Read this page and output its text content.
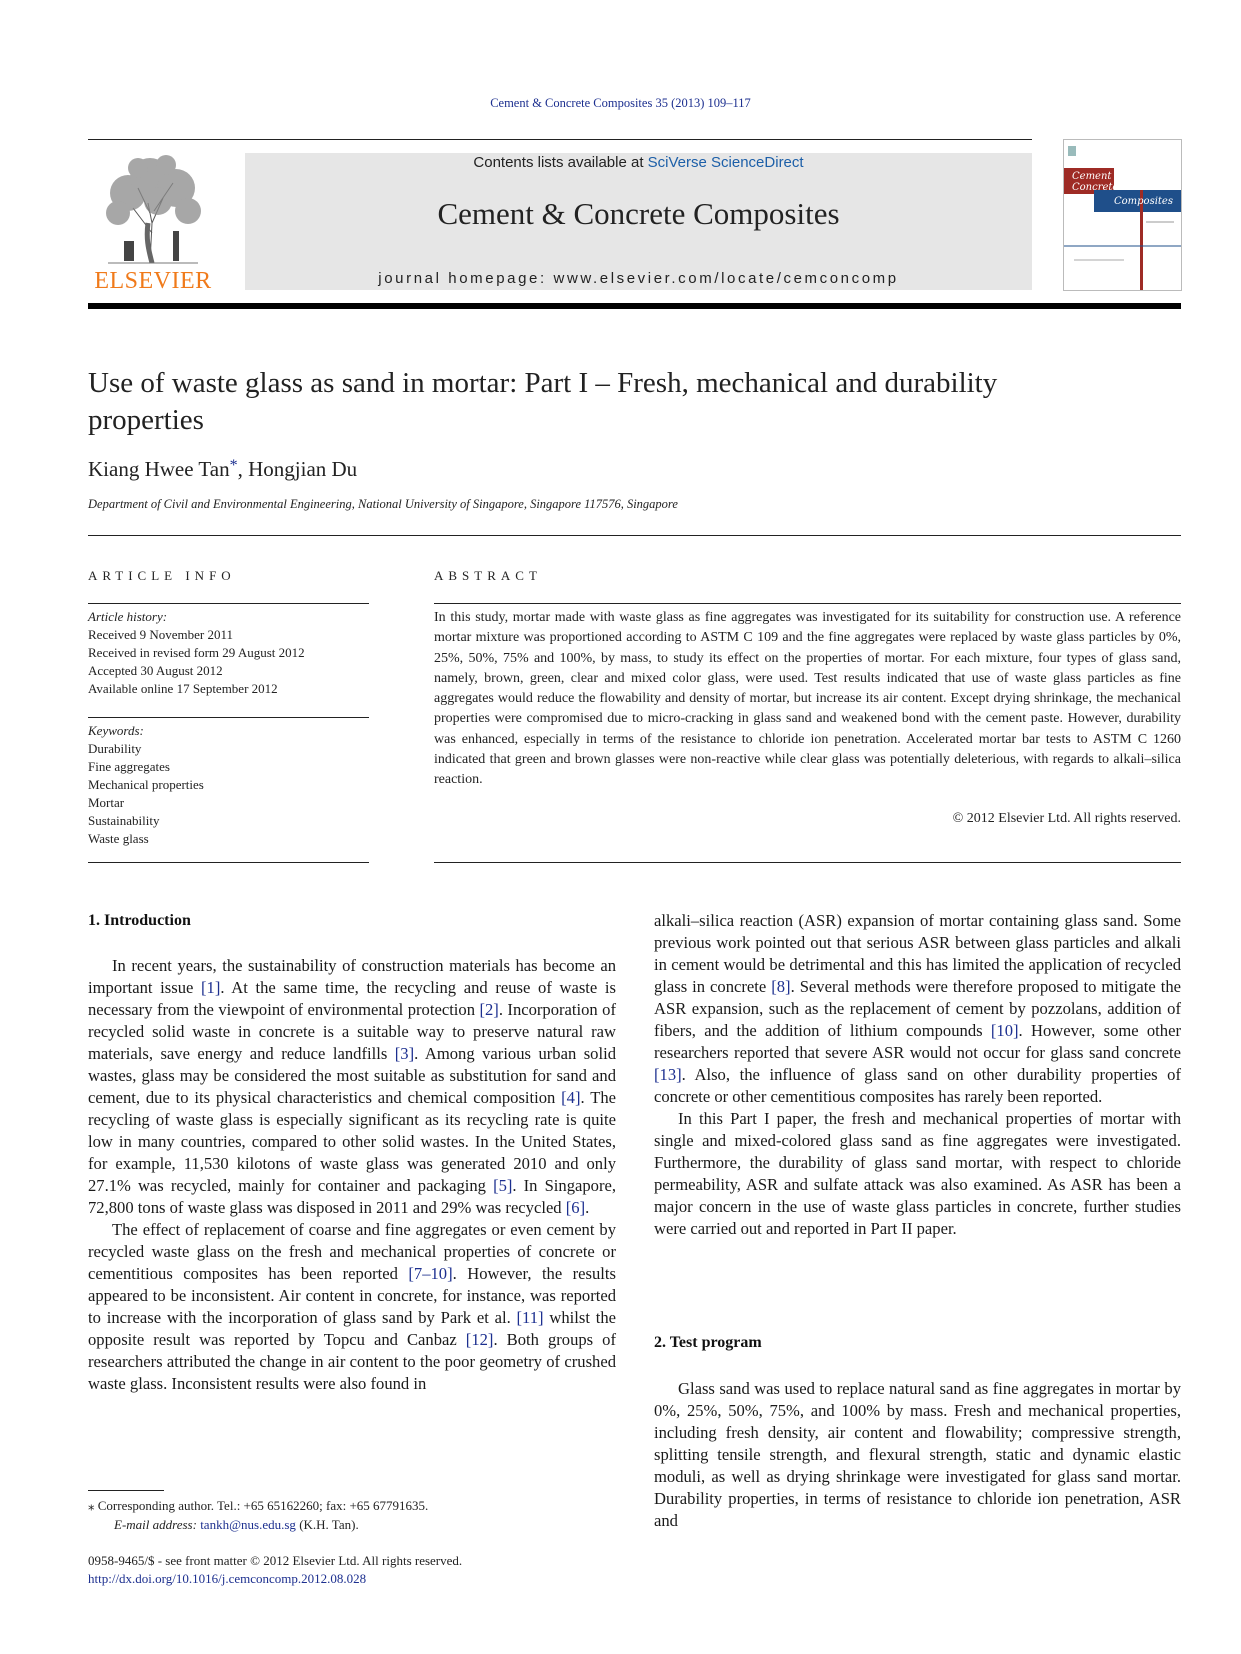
Cement & Concrete Composites 35 (2013) 109–117
ELSEVIER
Contents lists available at SciVerse ScienceDirect
Cement & Concrete Composites
journal homepage: www.elsevier.com/locate/cemconcomp
Cement &
Concrete
Composites
Use of waste glass as sand in mortar: Part I – Fresh, mechanical and durability properties
Kiang Hwee Tan*, Hongjian Du
Department of Civil and Environmental Engineering, National University of Singapore, Singapore 117576, Singapore
ARTICLE INFO
Article history:
Received 9 November 2011
Received in revised form 29 August 2012
Accepted 30 August 2012
Available online 17 September 2012
Keywords:
Durability
Fine aggregates
Mechanical properties
Mortar
Sustainability
Waste glass
ABSTRACT
In this study, mortar made with waste glass as fine aggregates was investigated for its suitability for construction use. A reference mortar mixture was proportioned according to ASTM C 109 and the fine aggregates were replaced by waste glass particles by 0%, 25%, 50%, 75% and 100%, by mass, to study its effect on the properties of mortar. For each mixture, four types of glass sand, namely, brown, green, clear and mixed color glass, were used. Test results indicated that use of waste glass particles as fine aggregates would reduce the flowability and density of mortar, but increase its air content. Except drying shrinkage, the mechanical properties were compromised due to micro-cracking in glass sand and weakened bond with the cement paste. However, durability was enhanced, especially in terms of the resistance to chloride ion penetration. Accelerated mortar bar tests to ASTM C 1260 indicated that green and brown glasses were non-reactive while clear glass was potentially deleterious, with regards to alkali–silica reaction.
© 2012 Elsevier Ltd. All rights reserved.
1. Introduction

In recent years, the sustainability of construction materials has become an important issue [1]. At the same time, the recycling and reuse of waste is necessary from the viewpoint of environmental protection [2]. Incorporation of recycled solid waste in concrete is a suitable way to preserve natural raw materials, save energy and reduce landfills [3]. Among various urban solid wastes, glass may be considered the most suitable as substitution for sand and cement, due to its physical characteristics and chemical composition [4]. The recycling of waste glass is especially significant as its recycling rate is quite low in many countries, compared to other solid wastes. In the United States, for example, 11,530 kilotons of waste glass was generated 2010 and only 27.1% was recycled, mainly for container and packaging [5]. In Singapore, 72,800 tons of waste glass was disposed in 2011 and 29% was recycled [6].

The effect of replacement of coarse and fine aggregates or even cement by recycled waste glass on the fresh and mechanical properties of concrete or cementitious composites has been reported [7–10]. However, the results appeared to be inconsistent. Air content in concrete, for instance, was reported to increase with the incorporation of glass sand by Park et al. [11] whilst the opposite result was reported by Topcu and Canbaz [12]. Both groups of researchers attributed the change in air content to the poor geometry of crushed waste glass. Inconsistent results were also found in

alkali–silica reaction (ASR) expansion of mortar containing glass sand. Some previous work pointed out that serious ASR between glass particles and alkali in cement would be detrimental and this has limited the application of recycled glass in concrete [8]. Several methods were therefore proposed to mitigate the ASR expansion, such as the replacement of cement by pozzolans, addition of fibers, and the addition of lithium compounds [10]. However, some other researchers reported that severe ASR would not occur for glass sand concrete [13]. Also, the influence of glass sand on other durability properties of concrete or other cementitious composites has rarely been reported.

In this Part I paper, the fresh and mechanical properties of mortar with single and mixed-colored glass sand as fine aggregates were investigated. Furthermore, the durability of glass sand mortar, with respect to chloride permeability, ASR and sulfate attack was also examined. As ASR has been a major concern in the use of waste glass particles in concrete, further studies were carried out and reported in Part II paper.

2. Test program

Glass sand was used to replace natural sand as fine aggregates in mortar by 0%, 25%, 50%, 75%, and 100% by mass. Fresh and mechanical properties, including fresh density, air content and flowability; compressive strength, splitting tensile strength, and flexural strength, static and dynamic elastic moduli, as well as drying shrinkage were investigated for glass sand mortar. Durability properties, in terms of resistance to chloride ion penetration, ASR and

⁎ Corresponding author. Tel.: +65 65162260; fax: +65 67791635.
E-mail address: tankh@nus.edu.sg (K.H. Tan).
0958-9465/$ - see front matter © 2012 Elsevier Ltd. All rights reserved.
http://dx.doi.org/10.1016/j.cemconcomp.2012.08.028
